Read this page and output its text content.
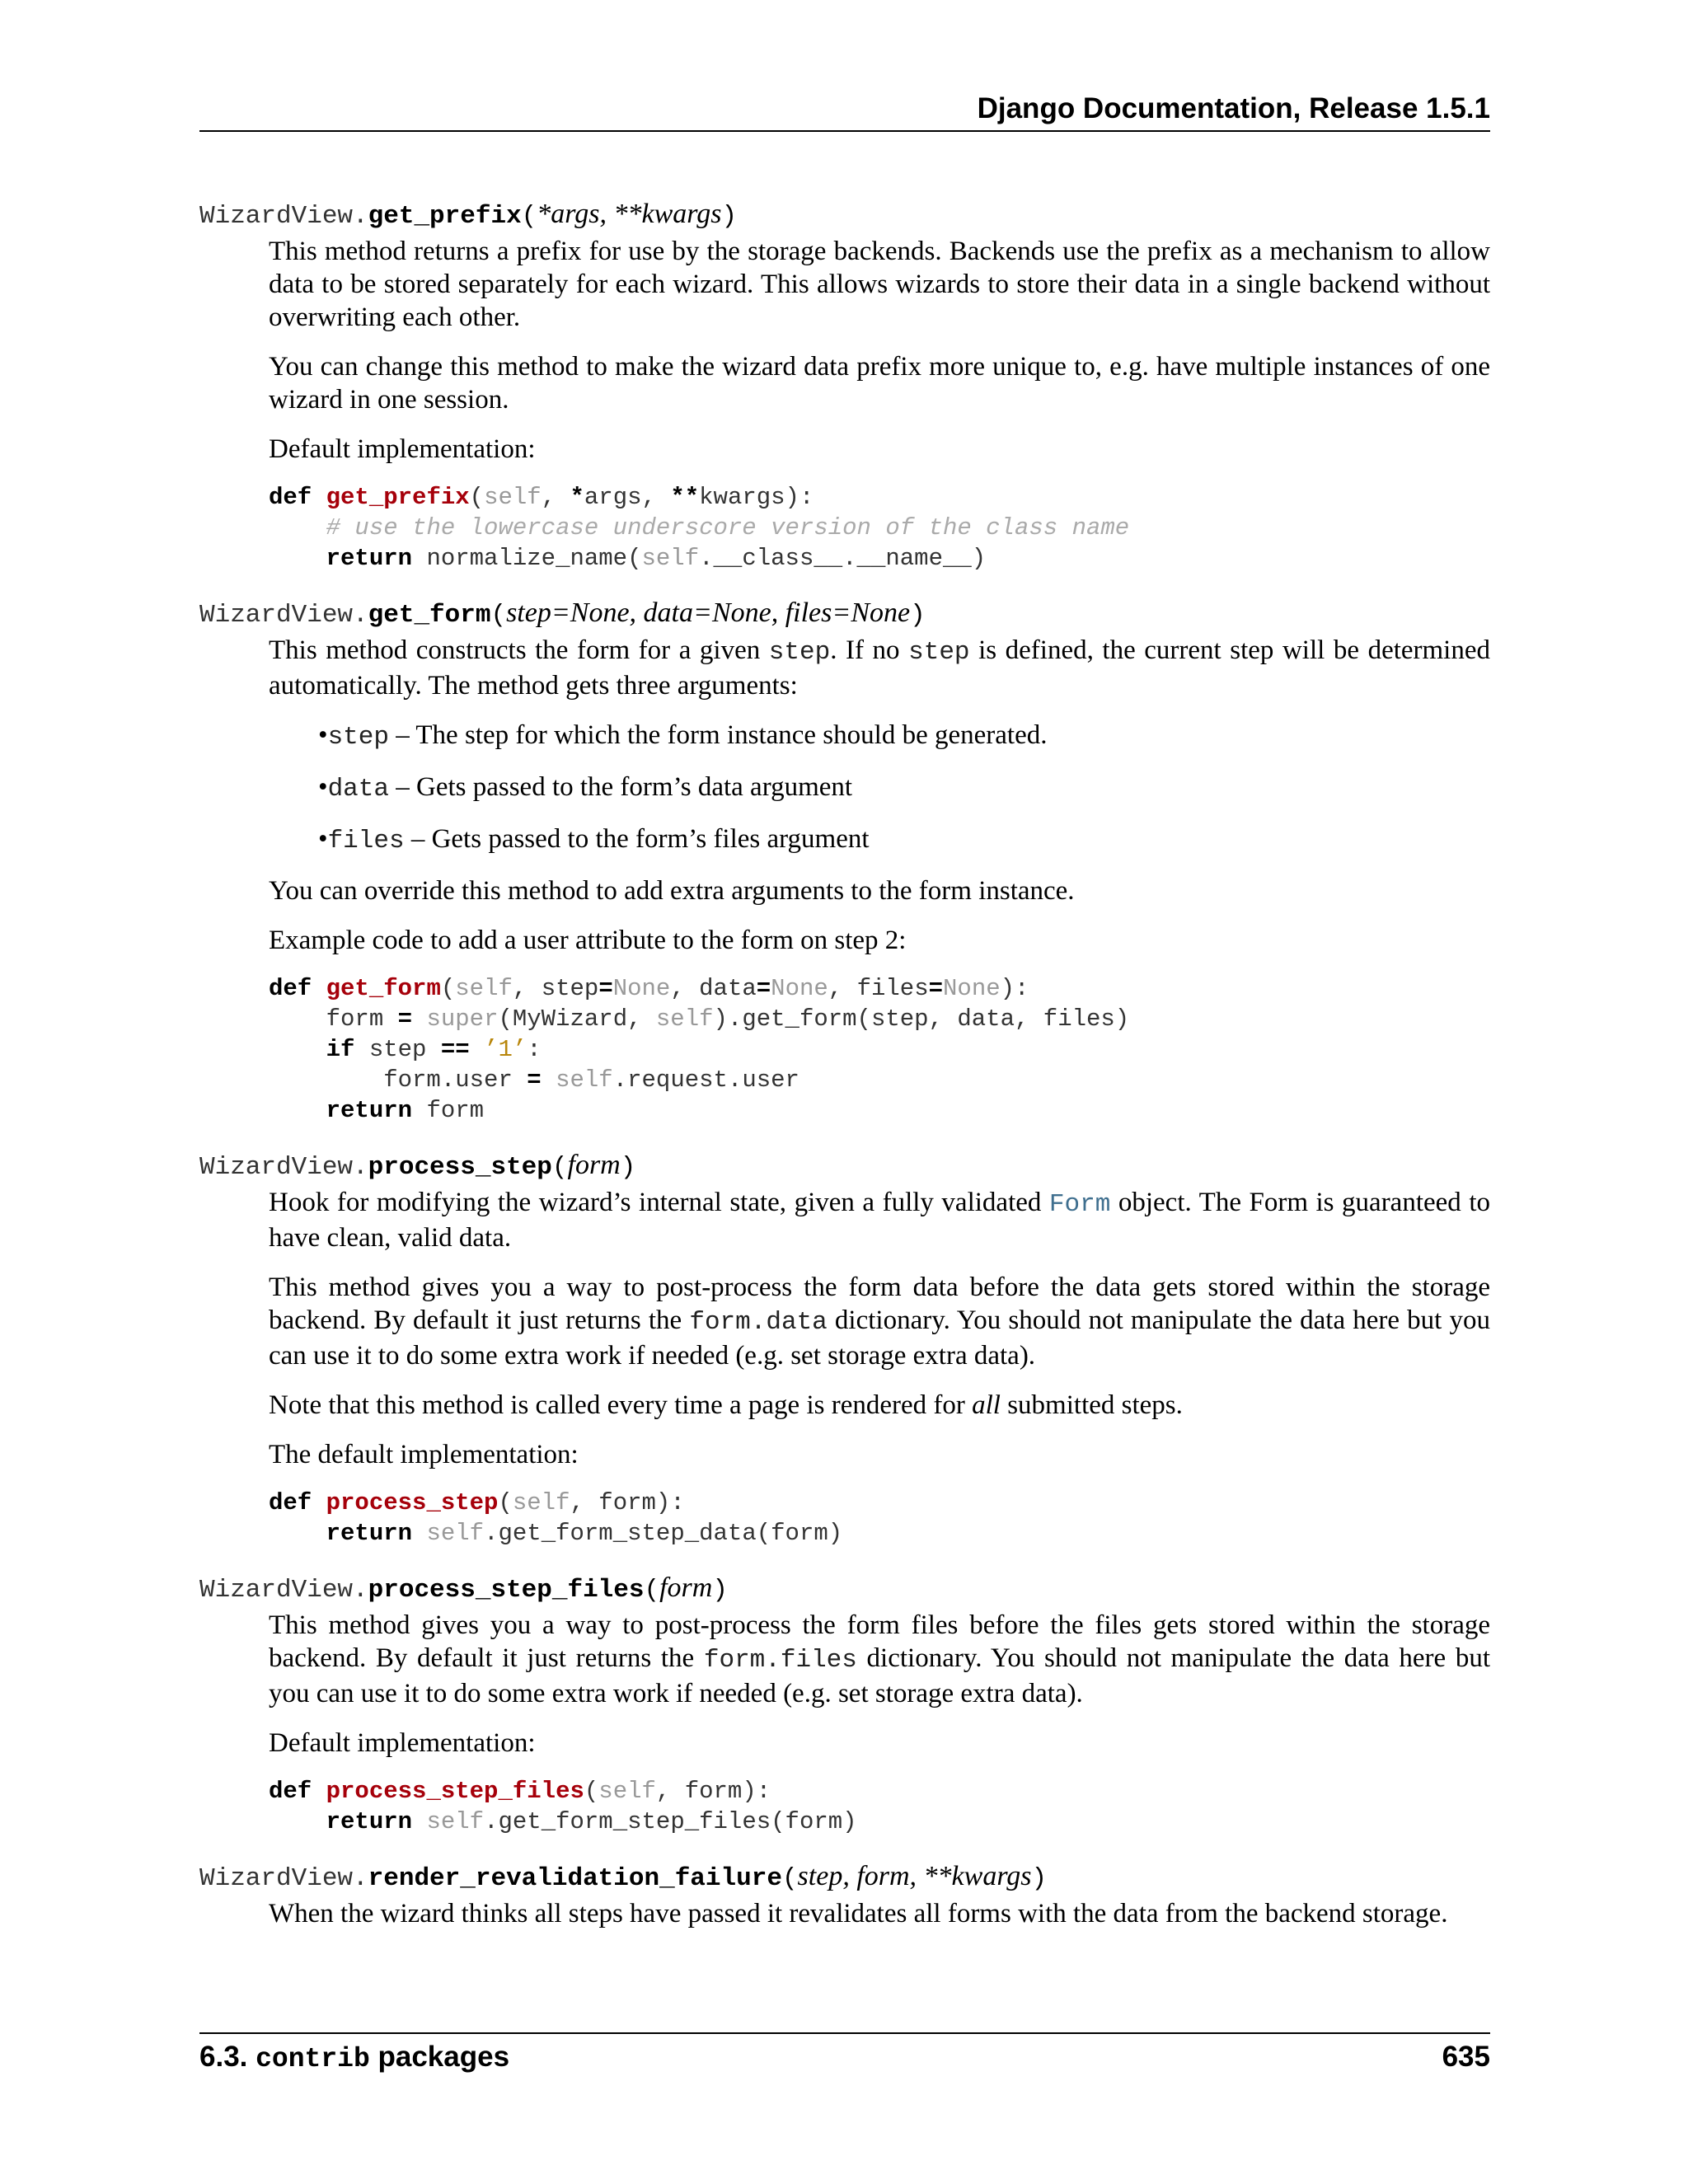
Django Documentation, Release 1.5.1
WizardView.get_prefix(*args, **kwargs)

This method returns a prefix for use by the storage backends. Backends use the prefix as a mechanism to allow data to be stored separately for each wizard. This allows wizards to store their data in a single backend without overwriting each other.

You can change this method to make the wizard data prefix more unique to, e.g. have multiple instances of one wizard in one session.

Default implementation:

def get_prefix(self, *args, **kwargs):
# use the lowercase underscore version of the class name
return normalize_name(self.__class__.__name__)
WizardView.get_form(step=None, data=None, files=None)

This method constructs the form for a given step. If no step is defined, the current step will be determined automatically. The method gets three arguments:

• step – The step for which the form instance should be generated.
• data – Gets passed to the form’s data argument
• files – Gets passed to the form’s files argument

You can override this method to add extra arguments to the form instance.

Example code to add a user attribute to the form on step 2:

def get_form(self, step=None, data=None, files=None):
form = super(MyWizard, self).get_form(step, data, files)
if step == ’1’:
form.user = self.request.user
return form
WizardView.process_step(form)

Hook for modifying the wizard’s internal state, given a fully validated Form object. The Form is guaranteed to have clean, valid data.

This method gives you a way to post-process the form data before the data gets stored within the storage backend. By default it just returns the form.data dictionary. You should not manipulate the data here but you can use it to do some extra work if needed (e.g. set storage extra data).

Note that this method is called every time a page is rendered for all submitted steps.

The default implementation:

def process_step(self, form):
return self.get_form_step_data(form)
WizardView.process_step_files(form)

This method gives you a way to post-process the form files before the files gets stored within the storage backend. By default it just returns the form.files dictionary. You should not manipulate the data here but you can use it to do some extra work if needed (e.g. set storage extra data).

Default implementation:

def process_step_files(self, form):
return self.get_form_step_files(form)
WizardView.render_revalidation_failure(step, form, **kwargs)

When the wizard thinks all steps have passed it revalidates all forms with the data from the backend storage.

6.3. contrib packages	635
